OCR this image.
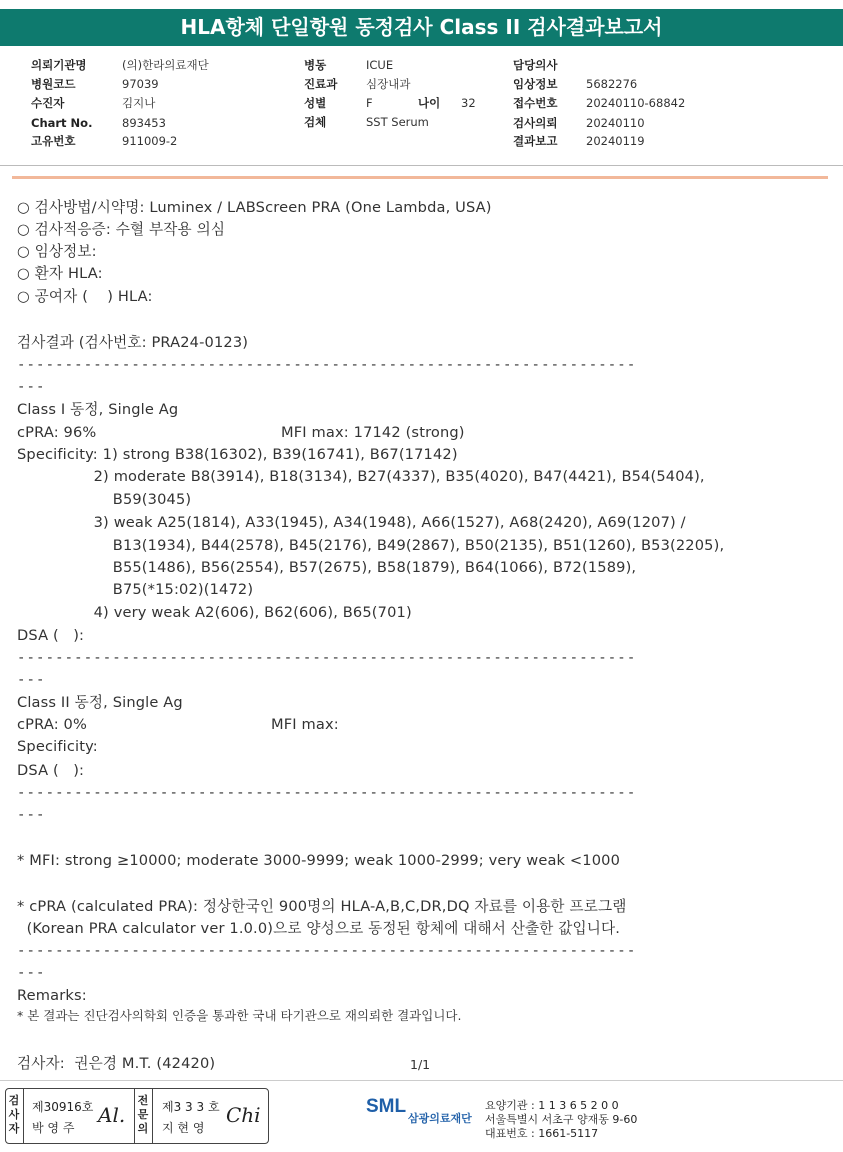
HLA항체 단일항원 동정검사 Class II 검사결과보고서
의뢰기관명	(의)한라의료재단
병원코드	97039
수진자	김지나
Chart No.	893453
고유번호	911009-2
병동	ICUE
진료과 심장내과
성별	F	나이 32
검체	SST Serum
담당의사
임상정보 5682276
접수번호 20240110-68842
검사의뢰 20240110
결과보고 20240119
○ 검사방법/시약명: Luminex / LABScreen PRA (One Lambda, USA)
○ 검사적응증: 수혈 부작용 의심
○ 임상정보:
○ 환자 HLA:
○ 공여자 (    ) HLA:
검사결과 (검사번호: PRA24-0123)
-----------------------------------------------------------------
---
Class I 동정, Single Ag
cPRA: 96%	MFI max: 17142 (strong)
Specificity: 1) strong B38(16302), B39(16741), B67(17142)
2) moderate B8(3914), B18(3134), B27(4337), B35(4020), B47(4421), B54(5404),
B59(3045)
3) weak A25(1814), A33(1945), A34(1948), A66(1527), A68(2420), A69(1207) /
B13(1934), B44(2578), B45(2176), B49(2867), B50(2135), B51(1260), B53(2205),
B55(1486), B56(2554), B57(2675), B58(1879), B64(1066), B72(1589),
B75(*15:02)(1472)
4) very weak A2(606), B62(606), B65(701)
DSA (   ):
-----------------------------------------------------------------
---
Class II 동정, Single Ag
cPRA: 0%	MFI max:
Specificity:
DSA (   ):
-----------------------------------------------------------------
---
* MFI: strong ≥10000; moderate 3000-9999; weak 1000-2999; very weak <1000
* cPRA (calculated PRA): 정상한국인 900명의 HLA-A,B,C,DR,DQ 자료를 이용한 프로그램
(Korean PRA calculator ver 1.0.0)으로 양성으로 동정된 항체에 대해서 산출한 값입니다.
-----------------------------------------------------------------
---
Remarks:
* 본 결과는 진단검사의학회 인증을 통과한 국내 타기관으로 재의뢰한 결과입니다.
검사자:  권은경 M.T. (42420)	1/1
검
사
자
제30916호
박 영 주
Al.
전
문
의
제3 3 3 호
지 현 영
Chi	SML
삼광의료재단
요양기관 : 1 1 3 6 5 2 0 0
서울특별시 서초구 양재동 9-60
대표번호 : 1661-5117
